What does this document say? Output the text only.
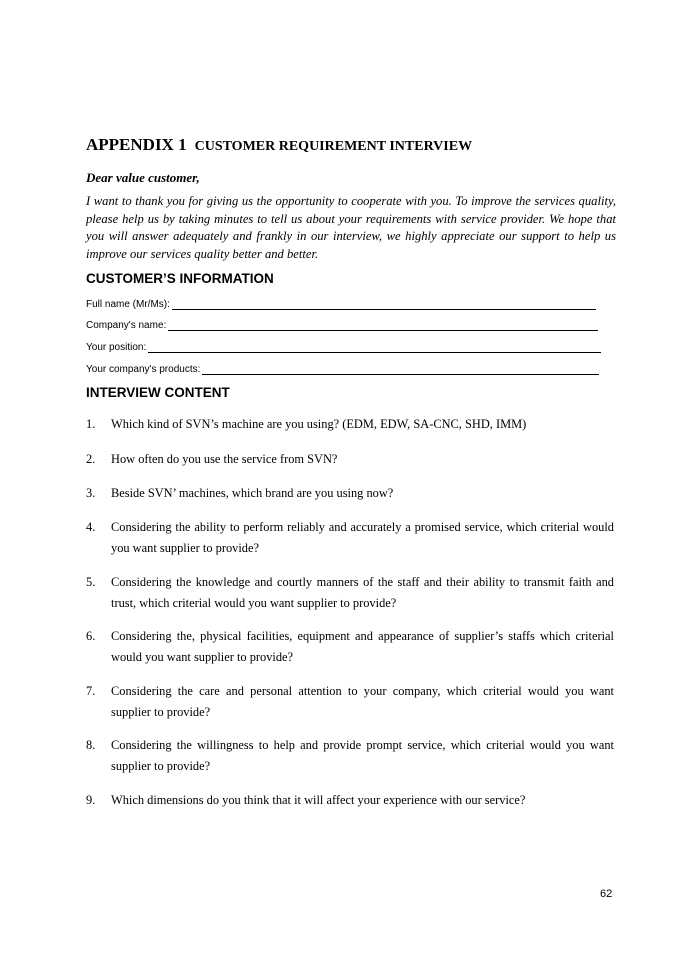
APPENDIX 1 CUSTOMER REQUIREMENT INTERVIEW
Dear value customer,

I want to thank you for giving us the opportunity to cooperate with you. To improve the services quality, please help us by taking minutes to tell us about your requirements with service provider. We hope that you will answer adequately and frankly in our interview, we highly appreciate our support to help us improve our services quality better and better.

CUSTOMER’S INFORMATION
Full name (Mr/Ms):
Company's name:
Your position:
Your company's products:
INTERVIEW CONTENT
1.	Which kind of SVN’s machine are you using? (EDM, EDW, SA-CNC, SHD, IMM)
2.	How often do you use the service from SVN?
3.	Beside SVN’ machines, which brand are you using now?
4.	Considering the ability to perform reliably and accurately a promised service, which criterial would you want supplier to provide?
5.	Considering the knowledge and courtly manners of the staff and their ability to transmit faith and trust, which criterial would you want supplier to provide?
6.	Considering the, physical facilities, equipment and appearance of supplier’s staffs which criterial would you want supplier to provide?
7.	Considering the care and personal attention to your company, which criterial would you want supplier to provide?
8.	Considering the willingness to help and provide prompt service, which criterial would you want supplier to provide?
9.	Which dimensions do you think that it will affect your experience with our service?
62
